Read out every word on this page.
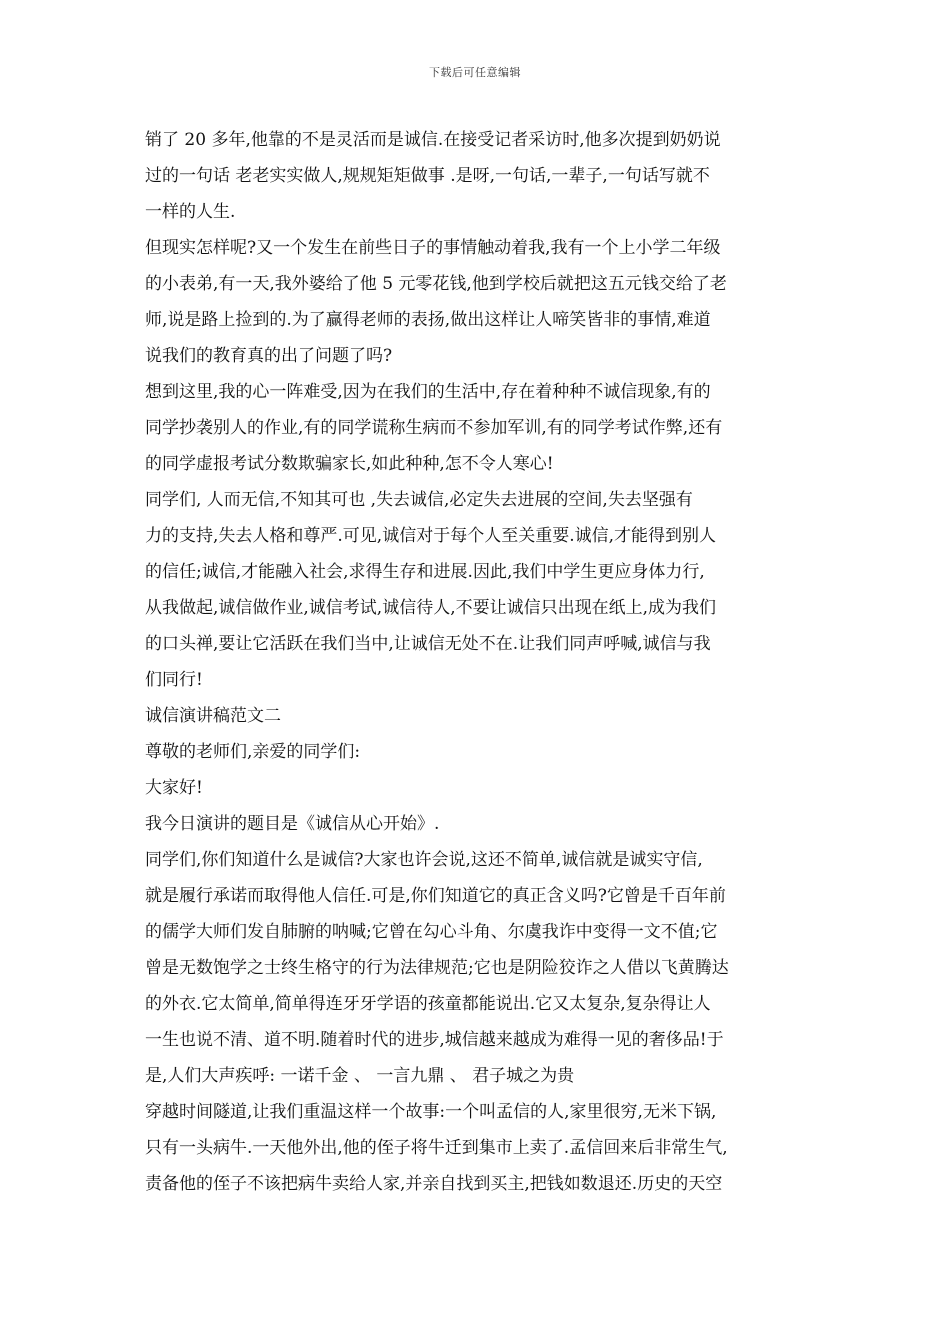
下载后可任意编辑
销了 20 多年,他靠的不是灵活而是诚信.在接受记者采访时,他多次提到奶奶说
过的一句话 老老实实做人,规规矩矩做事 .是呀,一句话,一辈子,一句话写就不
一样的人生.
但现实怎样呢?又一个发生在前些日子的事情触动着我,我有一个上小学二年级
的小表弟,有一天,我外婆给了他 5 元零花钱,他到学校后就把这五元钱交给了老
师,说是路上捡到的.为了赢得老师的表扬,做出这样让人啼笑皆非的事情,难道
说我们的教育真的出了问题了吗?
想到这里,我的心一阵难受,因为在我们的生活中,存在着种种不诚信现象,有的
同学抄袭别人的作业,有的同学谎称生病而不参加军训,有的同学考试作弊,还有
的同学虚报考试分数欺骗家长,如此种种,怎不令人寒心!
同学们, 人而无信,不知其可也 ,失去诚信,必定失去进展的空间,失去坚强有
力的支持,失去人格和尊严.可见,诚信对于每个人至关重要.诚信,才能得到别人
的信任;诚信,才能融入社会,求得生存和进展.因此,我们中学生更应身体力行,
从我做起,诚信做作业,诚信考试,诚信待人,不要让诚信只出现在纸上,成为我们
的口头禅,要让它活跃在我们当中,让诚信无处不在.让我们同声呼喊,诚信与我
们同行!
诚信演讲稿范文二
尊敬的老师们,亲爱的同学们:
大家好!
我今日演讲的题目是《诚信从心开始》.
同学们,你们知道什么是诚信?大家也许会说,这还不简单,诚信就是诚实守信,
就是履行承诺而取得他人信任.可是,你们知道它的真正含义吗?它曾是千百年前
的儒学大师们发自肺腑的呐喊;它曾在勾心斗角、尔虞我诈中变得一文不值;它
曾是无数饱学之士终生格守的行为法律规范;它也是阴险狡诈之人借以飞黄腾达
的外衣.它太简单,简单得连牙牙学语的孩童都能说出.它又太复杂,复杂得让人
一生也说不清、道不明.随着时代的进步,城信越来越成为难得一见的奢侈品!于
是,人们大声疾呼: 一诺千金 、 一言九鼎 、 君子城之为贵
穿越时间隧道,让我们重温这样一个故事:一个叫孟信的人,家里很穷,无米下锅,
只有一头病牛.一天他外出,他的侄子将牛迁到集市上卖了.孟信回来后非常生气,
责备他的侄子不该把病牛卖给人家,并亲自找到买主,把钱如数退还.历史的天空
